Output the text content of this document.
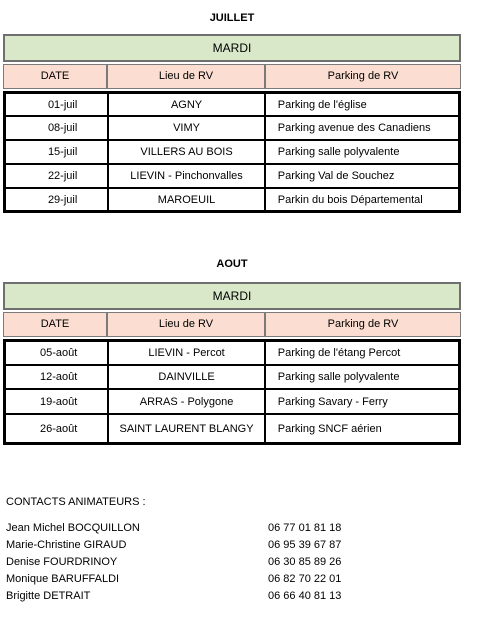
JUILLET
MARDI
DATE	Lieu de RV	Parking de RV
01-juil	AGNY	Parking de l'église
08-juil	VIMY	Parking avenue des Canadiens
15-juil	VILLERS AU BOIS	Parking salle polyvalente
22-juil	LIEVIN - Pinchonvalles	Parking Val de Souchez
29-juil	MAROEUIL	Parkin du bois Départemental
AOUT
MARDI
DATE	Lieu de RV	Parking de RV
05-août	LIEVIN - Percot	Parking de l'étang Percot
12-août	DAINVILLE	Parking salle polyvalente
19-août	ARRAS - Polygone	Parking Savary - Ferry
26-août	SAINT LAURENT BLANGY	Parking SNCF aérien
CONTACTS ANIMATEURS :
Jean Michel BOCQUILLON	06 77 01 81 18
Marie-Christine GIRAUD	06 95 39 67 87
Denise FOURDRINOY	06 30 85 89 26
Monique BARUFFALDI	06 82 70 22 01
Brigitte DETRAIT	06 66 40 81 13
